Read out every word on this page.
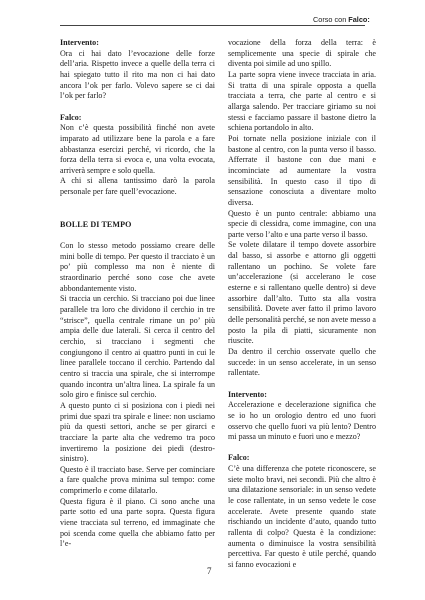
Corso con Falco:

Intervento:

Ora ci hai dato l’evocazione delle forze dell’aria. Rispetto invece a quelle della terra ci hai spiegato tutto il rito ma non ci hai dato ancora l’ok per farlo. Volevo sapere se ci dai l’ok per farlo?

Falco:

Non c’è questa possibilità finché non avete imparato ad utilizzare bene la parola e a fare abbastanza esercizi perché, vi ricordo, che la forza della terra si evoca e, una volta evocata, arriverà sempre e solo quella.

A chi si allena tantissimo darò la parola personale per fare quell’evocazione.

BOLLE DI TEMPO

Con lo stesso metodo possiamo creare delle mini bolle di tempo. Per questo il tracciato è un po’ più complesso ma non è niente di straordinario perché sono cose che avete abbondantemente visto.

Si traccia un cerchio. Si tracciano poi due linee parallele tra loro che dividono il cerchio in tre “strisce”, quella centrale rimane un po’ più ampia delle due laterali. Si cerca il centro del cerchio, si tracciano i segmenti che congiungono il centro ai quattro punti in cui le linee parallele toccano il cerchio. Partendo dal centro si traccia una spirale, che si interrompe quando incontra un’altra linea. La spirale fa un solo giro e finisce sul cerchio.

A questo punto ci si posiziona con i piedi nei primi due spazi tra spirale e linee: non usciamo più da questi settori, anche se per girarci e tracciare la parte alta che vedremo tra poco invertiremo la posizione dei piedi (destro-sinistro).

Questo è il tracciato base. Serve per cominciare a fare qualche prova minima sul tempo: come comprimerlo e come dilatarlo.

Questa figura è il piano. Ci sono anche una parte sotto ed una parte sopra. Questa figura viene tracciata sul terreno, ed immaginate che poi scenda come quella che abbiamo fatto per l’e-

vocazione della forza della terra: è semplicemente una specie di spirale che diventa poi simile ad uno spillo.

La parte sopra viene invece tracciata in aria. Si tratta di una spirale opposta a quella tracciata a terra, che parte al centro e si allarga salendo. Per tracciare giriamo su noi stessi e facciamo passare il bastone dietro la schiena portandolo in alto.

Poi tornate nella posizione iniziale con il bastone al centro, con la punta verso il basso. Afferrate il bastone con due mani e incominciate ad aumentare la vostra sensibilità. In questo caso il tipo di sensazione conosciuta a diventare molto diversa.

Questo è un punto centrale: abbiamo una specie di clessidra, come immagine, con una parte verso l’alto e una parte verso il basso.

Se volete dilatare il tempo dovete assorbire dal basso, si assorbe e attorno gli oggetti rallentano un pochino. Se volete fare un’accelerazione (si accelerano le cose esterne e si rallentano quelle dentro) si deve assorbire dall’alto. Tutto sta alla vostra sensibilità. Dovete aver fatto il primo lavoro delle personalità perché, se non avete messo a posto la pila di piatti, sicuramente non riuscite.

Da dentro il cerchio osservate quello che succede: in un senso accelerate, in un senso rallentate.

Intervento:

Accelerazione e decelerazione significa che se io ho un orologio dentro ed uno fuori osservo che quello fuori va più lento? Dentro mi passa un minuto e fuori uno e mezzo?

Falco:

C’è una differenza che potete riconoscere, se siete molto bravi, nei secondi. Più che altro è una dilatazione sensoriale: in un senso vedete le cose rallentate, in un senso vedete le cose accelerate. Avete presente quando state rischiando un incidente d’auto, quando tutto rallenta di colpo? Questa è la condizione: aumenta o diminuisce la vostra sensibilità percettiva. Far questo è utile perché, quando si fanno evocazioni e

7
